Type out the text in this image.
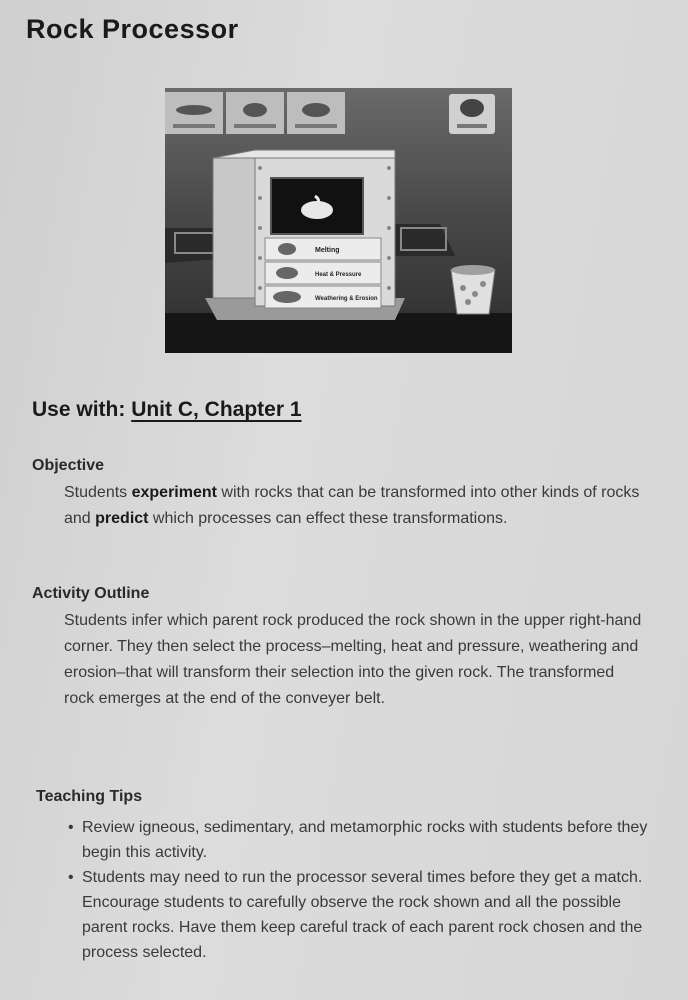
Rock Processor
Melting
Heat & Pressure
Weathering & Erosion
Use with: Unit C, Chapter 1
Objective
Students experiment with rocks that can be transformed into other kinds of rocks and predict which processes can effect these transformations.
Activity Outline
Students infer which parent rock produced the rock shown in the upper right-hand corner. They then select the process–melting, heat and pressure, weathering and erosion–that will transform their selection into the given rock. The transformed rock emerges at the end of the conveyer belt.
Teaching Tips
• Review igneous, sedimentary, and metamorphic rocks with students before they begin this activity.
• Students may need to run the processor several times before they get a match. Encourage students to carefully observe the rock shown and all the possible parent rocks. Have them keep careful track of each parent rock chosen and the process selected.
